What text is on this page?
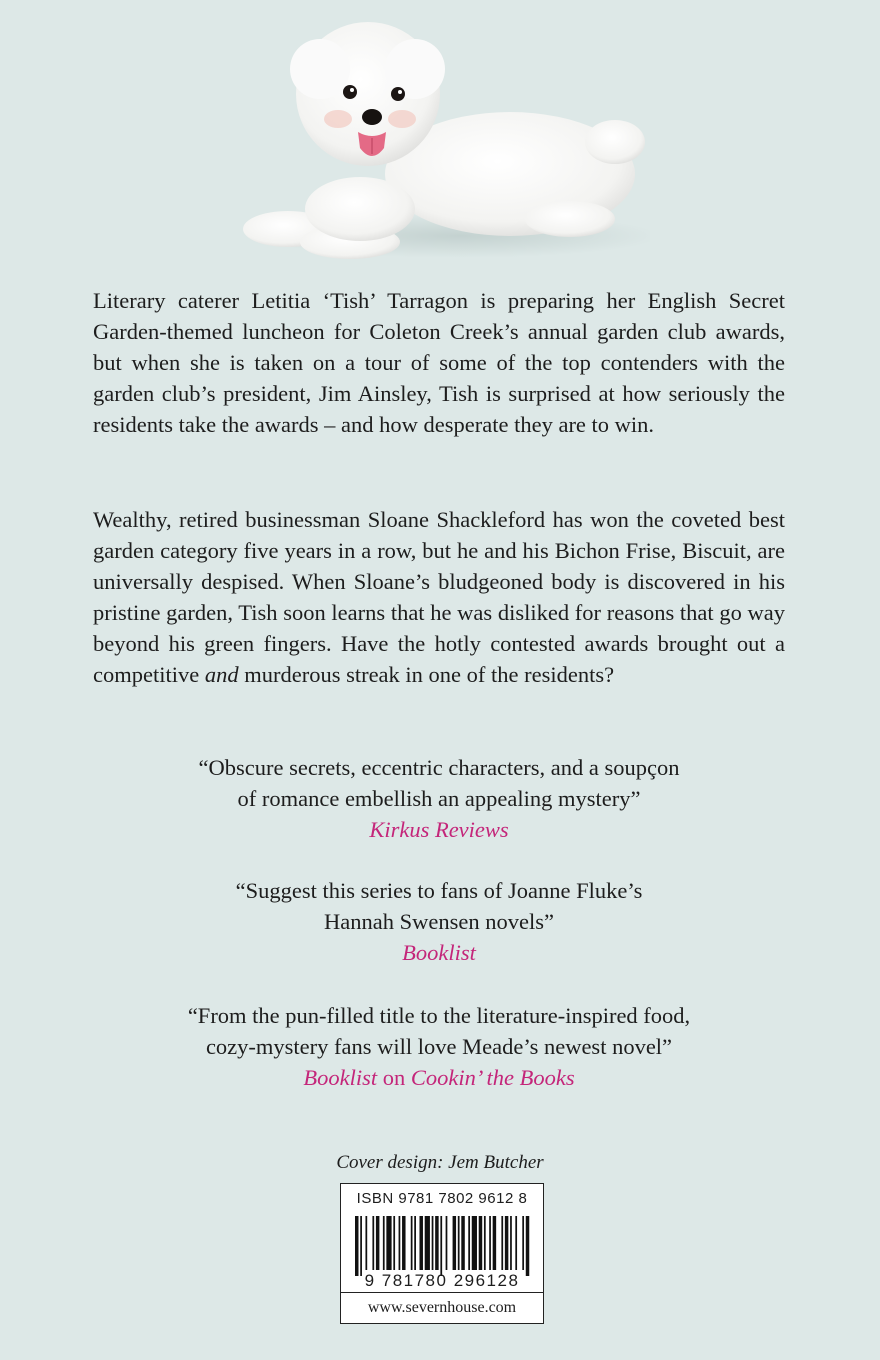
Literary caterer Letitia ‘Tish’ Tarragon is preparing her English Secret Garden-themed luncheon for Coleton Creek’s annual garden club awards, but when she is taken on a tour of some of the top contenders with the garden club’s president, Jim Ainsley, Tish is surprised at how seriously the residents take the awards – and how desperate they are to win.

Wealthy, retired businessman Sloane Shackleford has won the coveted best garden category five years in a row, but he and his Bichon Frise, Biscuit, are universally despised. When Sloane’s bludgeoned body is discovered in his pristine garden, Tish soon learns that he was disliked for reasons that go way beyond his green fingers. Have the hotly contested awards brought out a competitive and murderous streak in one of the residents?

“Obscure secrets, eccentric characters, and a soupçon
of romance embellish an appealing mystery”
Kirkus Reviews
“Suggest this series to fans of Joanne Fluke’s
Hannah Swensen novels”
Booklist
“From the pun-filled title to the literature-inspired food,
cozy-mystery fans will love Meade’s newest novel”
Booklist on Cookin’ the Books
Cover design: Jem Butcher
ISBN 9781 7802 9612 8
9 781780 296128
www.severnhouse.com
